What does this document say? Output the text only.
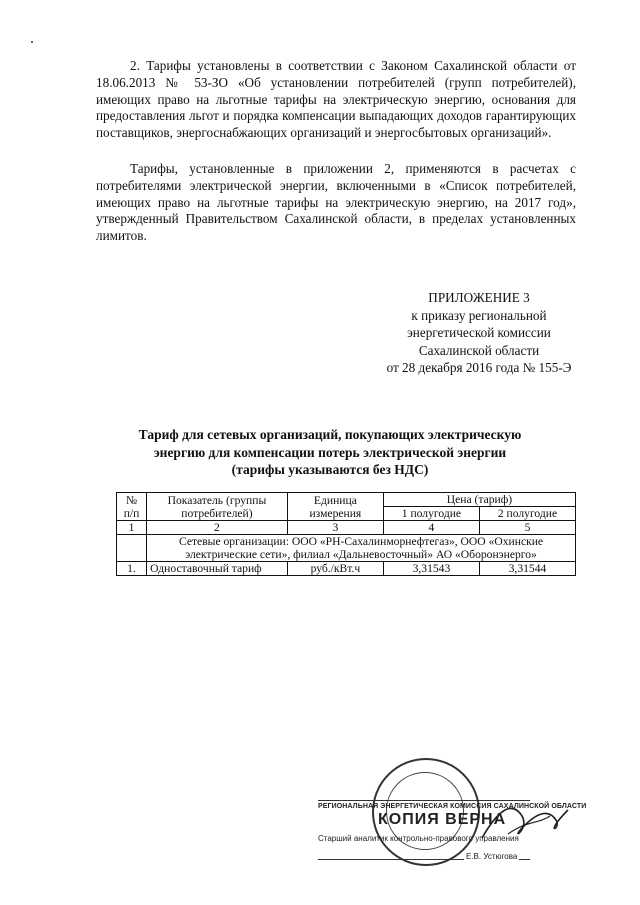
2. Тарифы установлены в соответствии с Законом Сахалинской области от 18.06.2013 № 53-ЗО «Об установлении потребителей (групп потребителей), имеющих право на льготные тарифы на электрическую энергию, основания для предоставления льгот и порядка компенсации выпадающих доходов гарантирующих поставщиков, энергоснабжающих организаций и энергосбытовых организаций».

Тарифы, установленные в приложении 2, применяются в расчетах с потребителями электрической энергии, включенными в «Список потребителей, имеющих право на льготные тарифы на электрическую энергию, на 2017 год», утвержденный Правительством Сахалинской области, в пределах установленных лимитов.

ПРИЛОЖЕНИЕ 3
к приказу региональной
энергетической комиссии
Сахалинской области
от 28 декабря 2016 года № 155-Э
Тариф для сетевых организаций, покупающих электрическую
энергию для компенсации потерь электрической энергии
(тарифы указываются без НДС)
№ п/п	Показатель (группы потребителей)	Единица измерения	Цена (тариф)	
			1 полугодие	2 полугодие
1	2	3	4	5
	Сетевые организации: ООО «РН-Сахалинморнефтегаз», ООО «Охинские электрические сети», филиал «Дальневосточный» АО «Оборонэнерго»			
1.	Одноставочный тариф	руб./кВт.ч	3,31543	3,31544
РЕГИОНАЛЬНАЯ ЭНЕРГЕТИЧЕСКАЯ КОМИССИЯ САХАЛИНСКОЙ ОБЛАСТИ
КОПИЯ ВЕРНА
Старший аналитик контрольно-правового управления
Е.В. Устюгова
